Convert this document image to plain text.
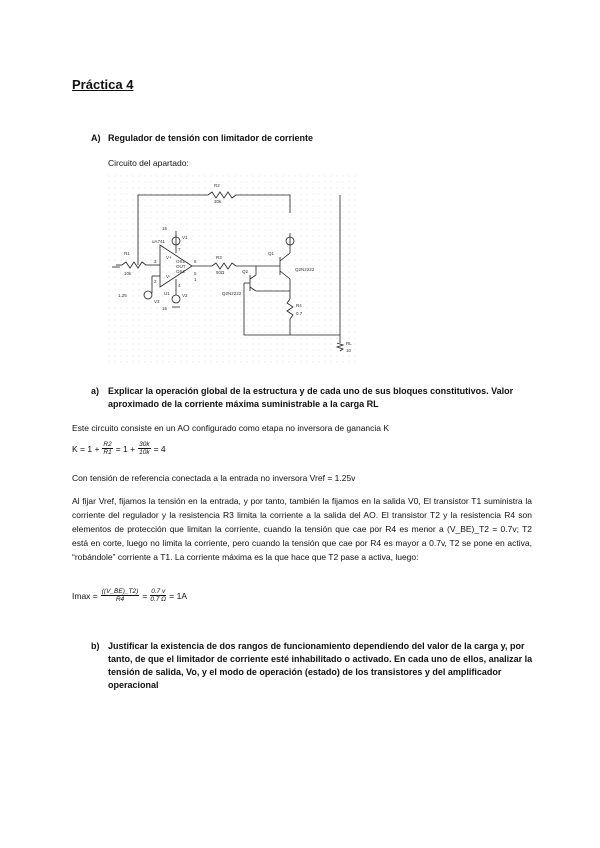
Práctica 4
A) Regulador de tensión con limitador de corriente
Circuito del apartado:
R2
30k
R1
10k
uA741
U1
V1
15
V2
15
1.25
V3
R3
50Ω
Q1
Q2N2222
Q2
Q2N2222
R4
0.7
RL
10
3
2
4
7
6
5
1
V+
V-
OUT
OS1
OS2
a) Explicar la operación global de la estructura y de cada uno de sus bloques constitutivos. Valor aproximado de la corriente máxima suministrable a la carga RL
Este circuito consiste en un AO configurado como etapa no inversora de ganancia K
$K = 1 + \frac{R2}{R1} = 1 + \frac{30k}{10k} = 4$
Con tensión de referencia conectada a la entrada no inversora Vref = 1.25v
Al fijar Vref, fijamos la tensión en la entrada, y por tanto, también la fijamos en la salida V0, El transistor T1 suministra la corriente del regulador y la resistencia R3 limita la corriente a la salida del AO. El transistor T2 y la resistencia R4 son elementos de protección que limitan la corriente, cuando la tensión que cae por R4 es menor a (V_BE)_T2 = 0.7v; T2 está en corte, luego no limita la corriente, pero cuando la tensión que cae por R4 es mayor a 0.7v, T2 se pone en activa, “robándole” corriente a T1. La corriente máxima es la que hace que T2 pase a activa, luego:
$Imax = \frac{((V\_BE)\_T2)}{R4} = \frac{0.7 v}{0.7 \Omega} = 1A$
b) Justificar la existencia de dos rangos de funcionamiento dependiendo del valor de la carga y, por tanto, de que el limitador de corriente esté inhabilitado o activado. En cada uno de ellos, analizar la tensión de salida, Vo, y el modo de operación (estado) de los transistores y del amplificador operacional
